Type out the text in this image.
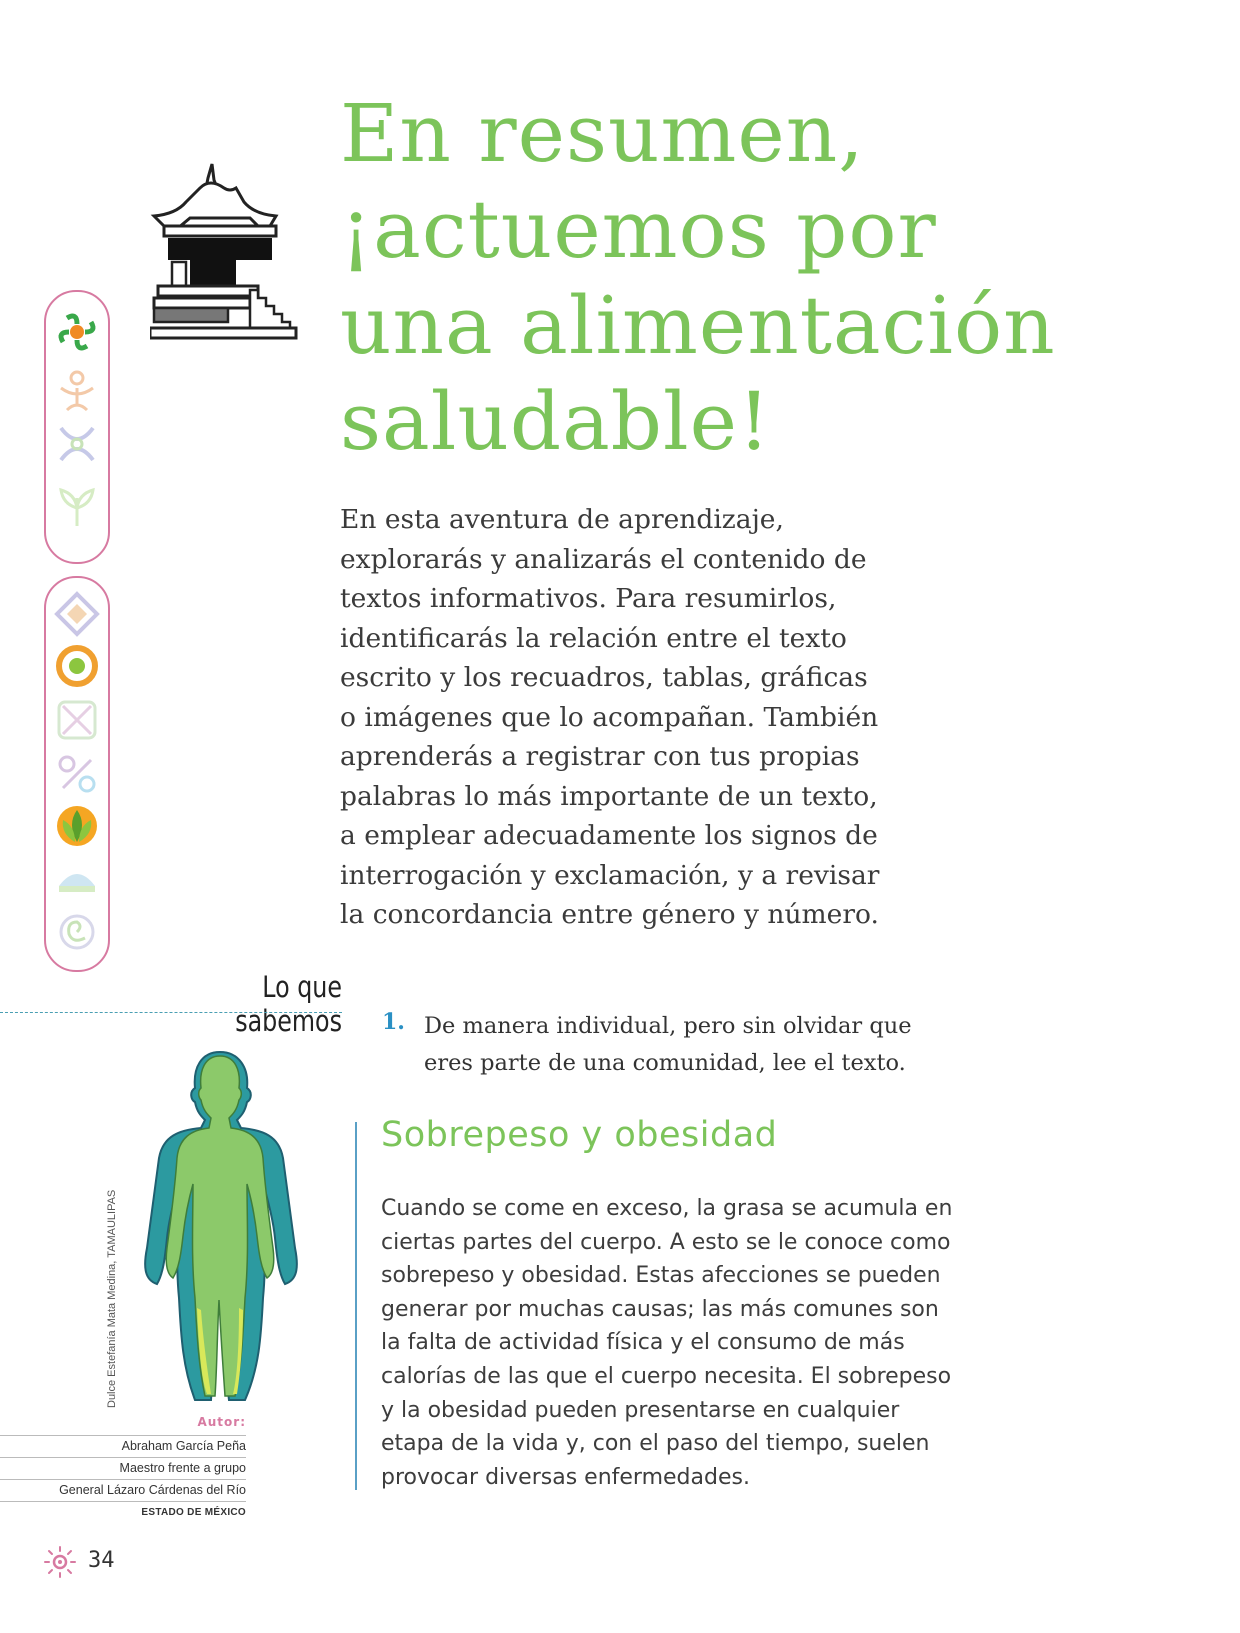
En resumen,
¡actuemos por
una alimentación
saludable!

En esta aventura de aprendizaje,
explorarás y analizarás el contenido de
textos informativos. Para resumirlos,
identificarás la relación entre el texto
escrito y los recuadros, tablas, gráficas
o imágenes que lo acompañan. También
aprenderás a registrar con tus propias
palabras lo más importante de un texto,
a emplear adecuadamente los signos de
interrogación y exclamación, y a revisar
la concordancia entre género y número.

Lo que sabemos 1. De manera individual, pero sin olvidar que
eres parte de una comunidad, lee el texto.

Sobrepeso y obesidad

Cuando se come en exceso, la grasa se acumula en
ciertas partes del cuerpo. A esto se le conoce como
sobrepeso y obesidad. Estas afecciones se pueden
generar por muchas causas; las más comunes son
la falta de actividad física y el consumo de más
calorías de las que el cuerpo necesita. El sobrepeso
y la obesidad pueden presentarse en cualquier
etapa de la vida y, con el paso del tiempo, suelen
provocar diversas enfermedades.

Dulce Estefanía Mata Medina, TAMAULIPAS
Autor:
Abraham García Peña
Maestro frente a grupo
General Lázaro Cárdenas del Río
ESTADO DE MÉXICO
34
